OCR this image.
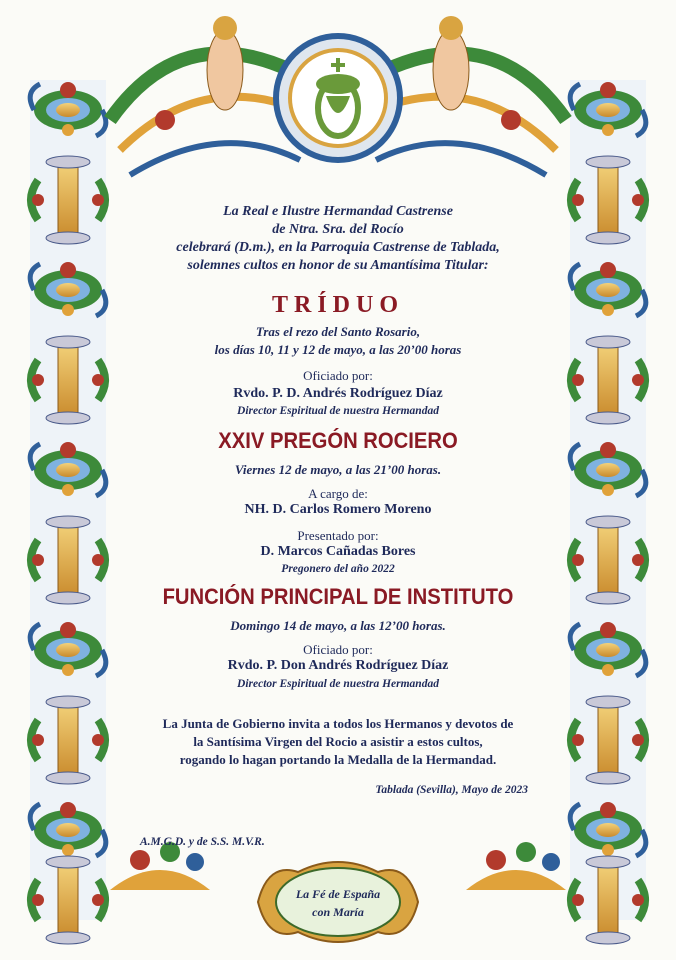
La Fé de España
con María
La Real e Ilustre Hermandad Castrense
de Ntra. Sra. del Rocío
celebrará (D.m.), en la Parroquia Castrense de Tablada,
solemnes cultos en honor de su Amantísima Titular:
TRÍDUO
Tras el rezo del Santo Rosario,
los días 10, 11 y 12 de mayo, a las 20’00 horas
Oficiado por:
Rvdo. P. D. Andrés Rodríguez Díaz
Director Espiritual de nuestra Hermandad
XXIV PREGÓN ROCIERO
Viernes 12 de mayo, a las 21’00 horas.
A cargo de:
NH. D. Carlos Romero Moreno
Presentado por:
D. Marcos Cañadas Bores
Pregonero del año 2022
FUNCIÓN PRINCIPAL DE INSTITUTO
Domingo 14 de mayo, a las 12’00 horas.
Oficiado por:
Rvdo. P. Don Andrés Rodríguez Díaz
Director Espiritual de nuestra Hermandad
La Junta de Gobierno invita a todos los Hermanos y devotos de
la Santísima Virgen del Rocio a asistir a estos cultos,
rogando lo hagan portando la Medalla de la Hermandad.
Tablada (Sevilla), Mayo de 2023
A.M.G.D. y de S.S. M.V.R.
